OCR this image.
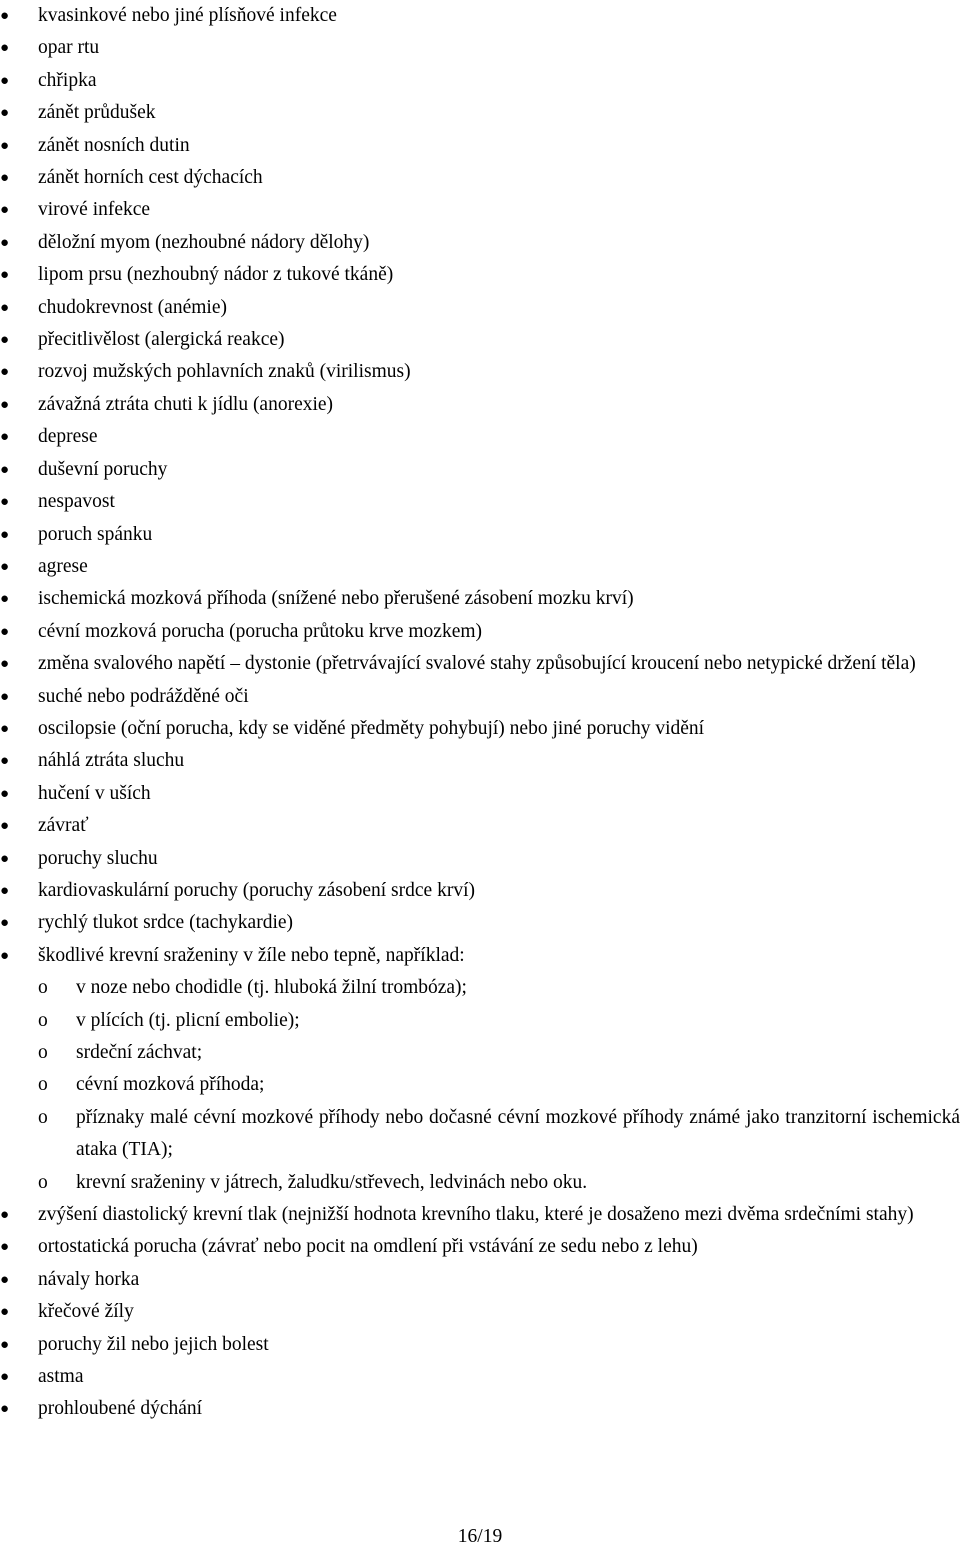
● kvasinkové nebo jiné plísňové infekce
● opar rtu
● chřipka
● zánět průdušek
● zánět nosních dutin
● zánět horních cest dýchacích
● virové infekce
● děložní myom (nezhoubné nádory dělohy)
● lipom prsu (nezhoubný nádor z tukové tkáně)
● chudokrevnost (anémie)
● přecitlivělost (alergická reakce)
● rozvoj mužských pohlavních znaků (virilismus)
● závažná ztráta chuti k jídlu (anorexie)
● deprese
● duševní poruchy
● nespavost
● poruch spánku
● agrese
● ischemická mozková příhoda (snížené nebo přerušené zásobení mozku krví)
● cévní mozková porucha (porucha průtoku krve mozkem)
● změna svalového napětí – dystonie (přetrvávající svalové stahy způsobující kroucení nebo netypické držení těla)
● suché nebo podrážděné oči
● oscilopsie (oční porucha, kdy se viděné předměty pohybují) nebo jiné poruchy vidění
● náhlá ztráta sluchu
● hučení v uších
● závrať
● poruchy sluchu
● kardiovaskulární poruchy (poruchy zásobení srdce krví)
● rychlý tlukot srdce (tachykardie)
● škodlivé krevní sraženiny v žíle nebo tepně, například:
o v noze nebo chodidle (tj. hluboká žilní trombóza);
o v plících (tj. plicní embolie);
o srdeční záchvat;
o cévní mozková příhoda;
o příznaky malé cévní mozkové příhody nebo dočasné cévní mozkové příhody známé jako tranzitorní ischemická ataka (TIA);
o krevní sraženiny v játrech, žaludku/střevech, ledvinách nebo oku.
● zvýšení diastolický krevní tlak (nejnižší hodnota krevního tlaku, které je dosaženo mezi dvěma srdečními stahy)
● ortostatická porucha (závrať nebo pocit na omdlení při vstávání ze sedu nebo z lehu)
● návaly horka
● křečové žíly
● poruchy žil nebo jejich bolest
● astma
● prohloubené dýchání
16/19
